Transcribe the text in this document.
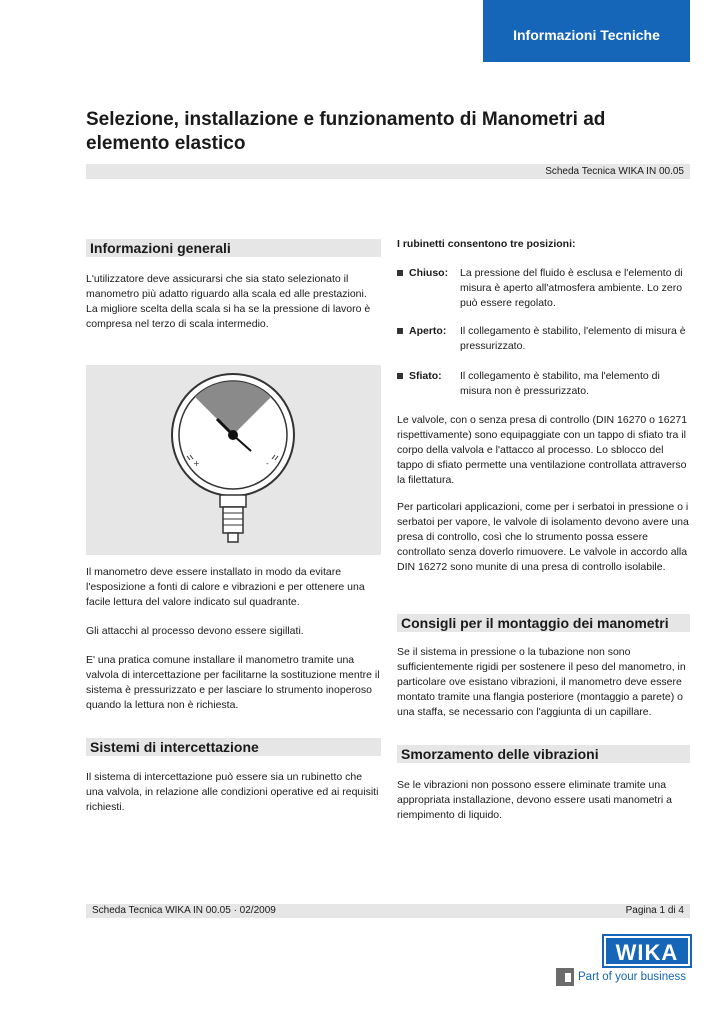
Informazioni Tecniche
Selezione, installazione e funzionamento di Manometri ad elemento elastico
Scheda Tecnica WIKA IN 00.05
Informazioni generali

L'utilizzatore deve assicurarsi che sia stato selezionato il manometro più adatto riguardo alla scala ed alle prestazioni. La migliore scelta della scala si ha se la pressione di lavoro è compresa nel terzo di scala intermedio.

+	-

Il manometro deve essere installato in modo da evitare l'esposizione a fonti di calore e vibrazioni e per ottenere una facile lettura del valore indicato sul quadrante.

Gli attacchi al processo devono essere sigillati.

E' una pratica comune installare il manometro tramite una valvola di intercettazione per facilitarne la sostituzione mentre il sistema è pressurizzato e per lasciare lo strumento inoperoso quando la lettura non è richiesta.

Sistemi di intercettazione

Il sistema di intercettazione può essere sia un rubinetto che una valvola, in relazione alle condizioni operative ed ai requisiti richiesti.

I rubinetti consentono tre posizioni:

Chiuso:	La pressione del fluido è esclusa e l'elemento di misura è aperto all'atmosfera ambiente. Lo zero può essere regolato.
Aperto:	Il collegamento è stabilito, l'elemento di misura è pressurizzato.
Sfiato:	Il collegamento è stabilito, ma l'elemento di misura non è pressurizzato.

Le valvole, con o senza presa di controllo (DIN 16270 o 16271 rispettivamente) sono equipaggiate con un tappo di sfiato tra il corpo della valvola e l'attacco al processo. Lo sblocco del tappo di sfiato permette una ventilazione controllata attraverso la filettatura.

Per particolari applicazioni, come per i serbatoi in pressione o i serbatoi per vapore, le valvole di isolamento devono avere una presa di controllo, così che lo strumento possa essere controllato senza doverlo rimuovere. Le valvole in accordo alla DIN 16272 sono munite di una presa di controllo isolabile.

Consigli per il montaggio dei manometri

Se il sistema in pressione o la tubazione non sono sufficientemente rigidi per sostenere il peso del manometro, in particolare ove esistano vibrazioni, il manometro deve essere montato tramite una flangia posteriore (montaggio a parete) o una staffa, se necessario con l'aggiunta di un capillare.

Smorzamento delle vibrazioni

Se le vibrazioni non possono essere eliminate tramite una appropriata installazione, devono essere usati manometri a riempimento di liquido.

Scheda Tecnica WIKA IN 00.05 · 02/2009	Pagina 1 di 4
WIKA
Part of your business
